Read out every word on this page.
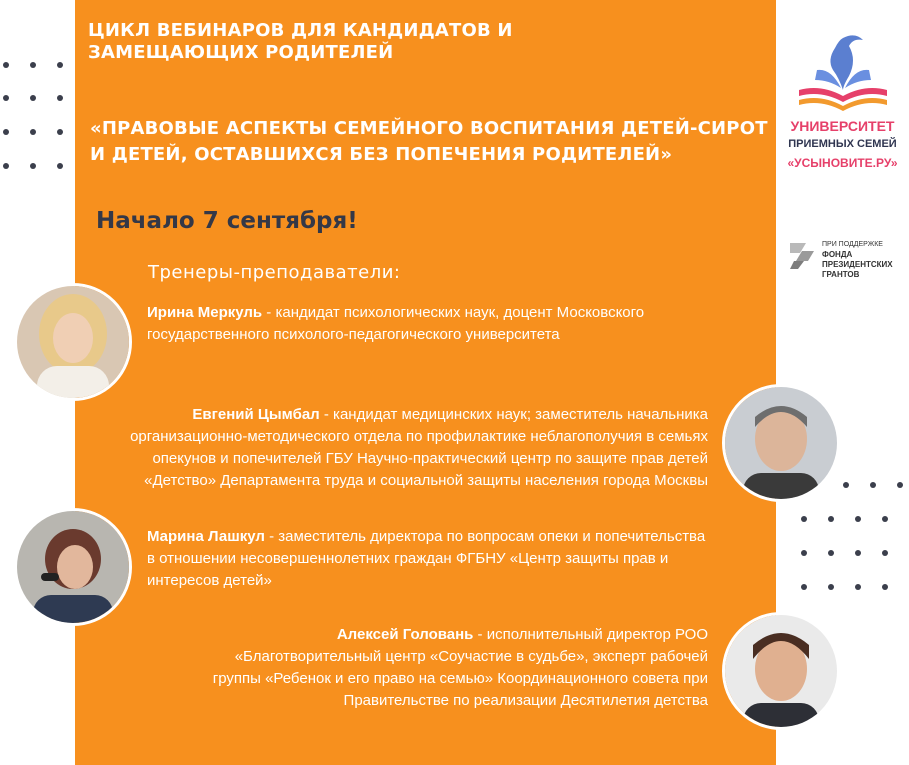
ЦИКЛ ВЕБИНАРОВ ДЛЯ КАНДИДАТОВ И ЗАМЕЩАЮЩИХ РОДИТЕЛЕЙ
«ПРАВОВЫЕ АСПЕКТЫ СЕМЕЙНОГО ВОСПИТАНИЯ ДЕТЕЙ-СИРОТ И ДЕТЕЙ, ОСТАВШИХСЯ БЕЗ ПОПЕЧЕНИЯ РОДИТЕЛЕЙ»
Начало 7 сентября!
Тренеры-преподаватели:

Ирина Меркуль - кандидат психологических наук, доцент Московского государственного психолого-педагогического университета

Евгений Цымбал - кандидат медицинских наук; заместитель начальника организационно-методического отдела по профилактике неблагополучия в семьях опекунов и попечителей ГБУ Научно-практический центр по защите прав детей «Детство» Департамента труда и социальной защиты населения города Москвы

Марина Лашкул - заместитель директора по вопросам опеки и попечительства в отношении несовершеннолетних граждан ФГБНУ «Центр защиты прав и интересов детей»

Алексей Головань - исполнительный директор РОО «Благотворительный центр «Соучастие в судьбе», эксперт рабочей группы «Ребенок и его право на семью» Координационного совета при Правительстве по реализации Десятилетия детства

УНИВЕРСИТЕТ
ПРИЕМНЫХ СЕМЕЙ
«УСЫНОВИТЕ.РУ»
ПРИ ПОДДЕРЖКЕ
ФОНДА
ПРЕЗИДЕНТСКИХ
ГРАНТОВ
